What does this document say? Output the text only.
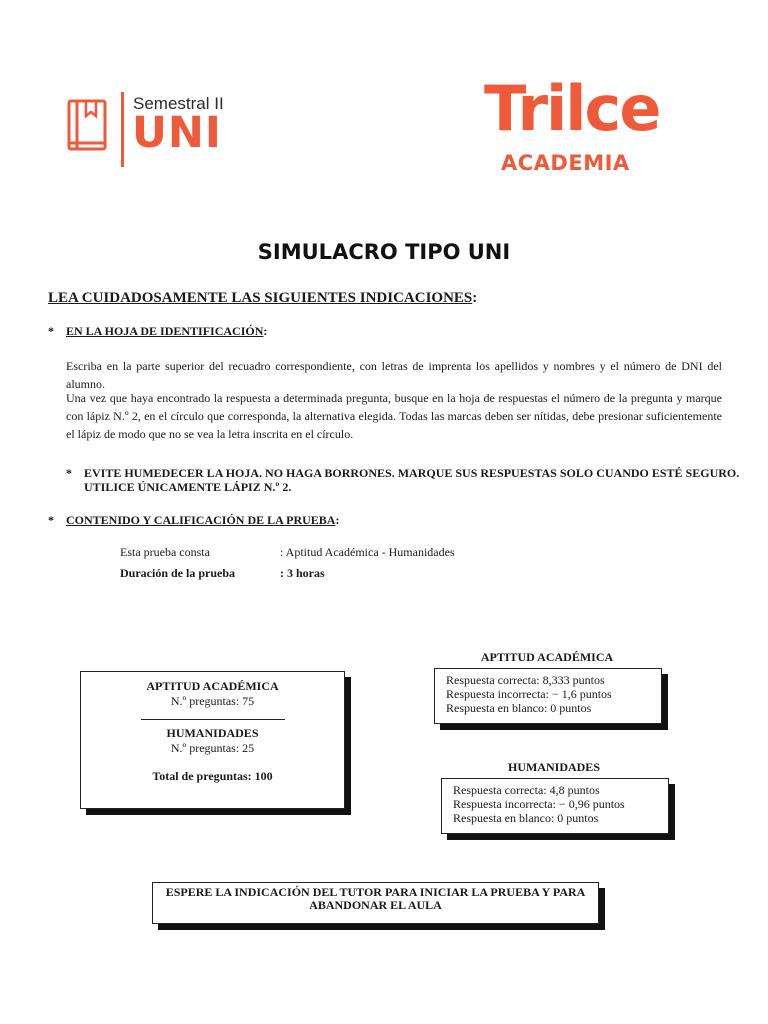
Semestral II
UNI	Trilce
ACADEMIA
SIMULACRO TIPO UNI
LEA CUIDADOSAMENTE LAS SIGUIENTES INDICACIONES:
* EN LA HOJA DE IDENTIFICACIÓN:
Escriba en la parte superior del recuadro correspondiente, con letras de imprenta los apellidos y nombres y el número de DNI del alumno.
Una vez que haya encontrado la respuesta a determinada pregunta, busque en la hoja de respuestas el número de la pregunta y marque con lápiz N.º 2, en el círculo que corresponda, la alternativa elegida. Todas las marcas deben ser nítidas, debe presionar suficientemente el lápiz de modo que no se vea la letra inscrita en el círculo.
* EVITE HUMEDECER LA HOJA. NO HAGA BORRONES. MARQUE SUS RESPUESTAS SOLO CUANDO ESTÉ SEGURO.
UTILICE ÚNICAMENTE LÁPIZ N.º 2.
* CONTENIDO Y CALIFICACIÓN DE LA PRUEBA:
Esta prueba consta	: Aptitud Académica - Humanidades
Duración de la prueba	: 3 horas
APTITUD ACADÉMICA
N.º preguntas: 75
HUMANIDADES
N.º preguntas: 25
Total de preguntas: 100
APTITUD ACADÉMICA
Respuesta correcta: 8,333 puntos
Respuesta incorrecta: − 1,6 puntos
Respuesta en blanco: 0 puntos
HUMANIDADES
Respuesta correcta: 4,8 puntos
Respuesta incorrecta: − 0,96 puntos
Respuesta en blanco: 0 puntos
ESPERE LA INDICACIÓN DEL TUTOR PARA INICIAR LA PRUEBA Y PARA
ABANDONAR EL AULA
